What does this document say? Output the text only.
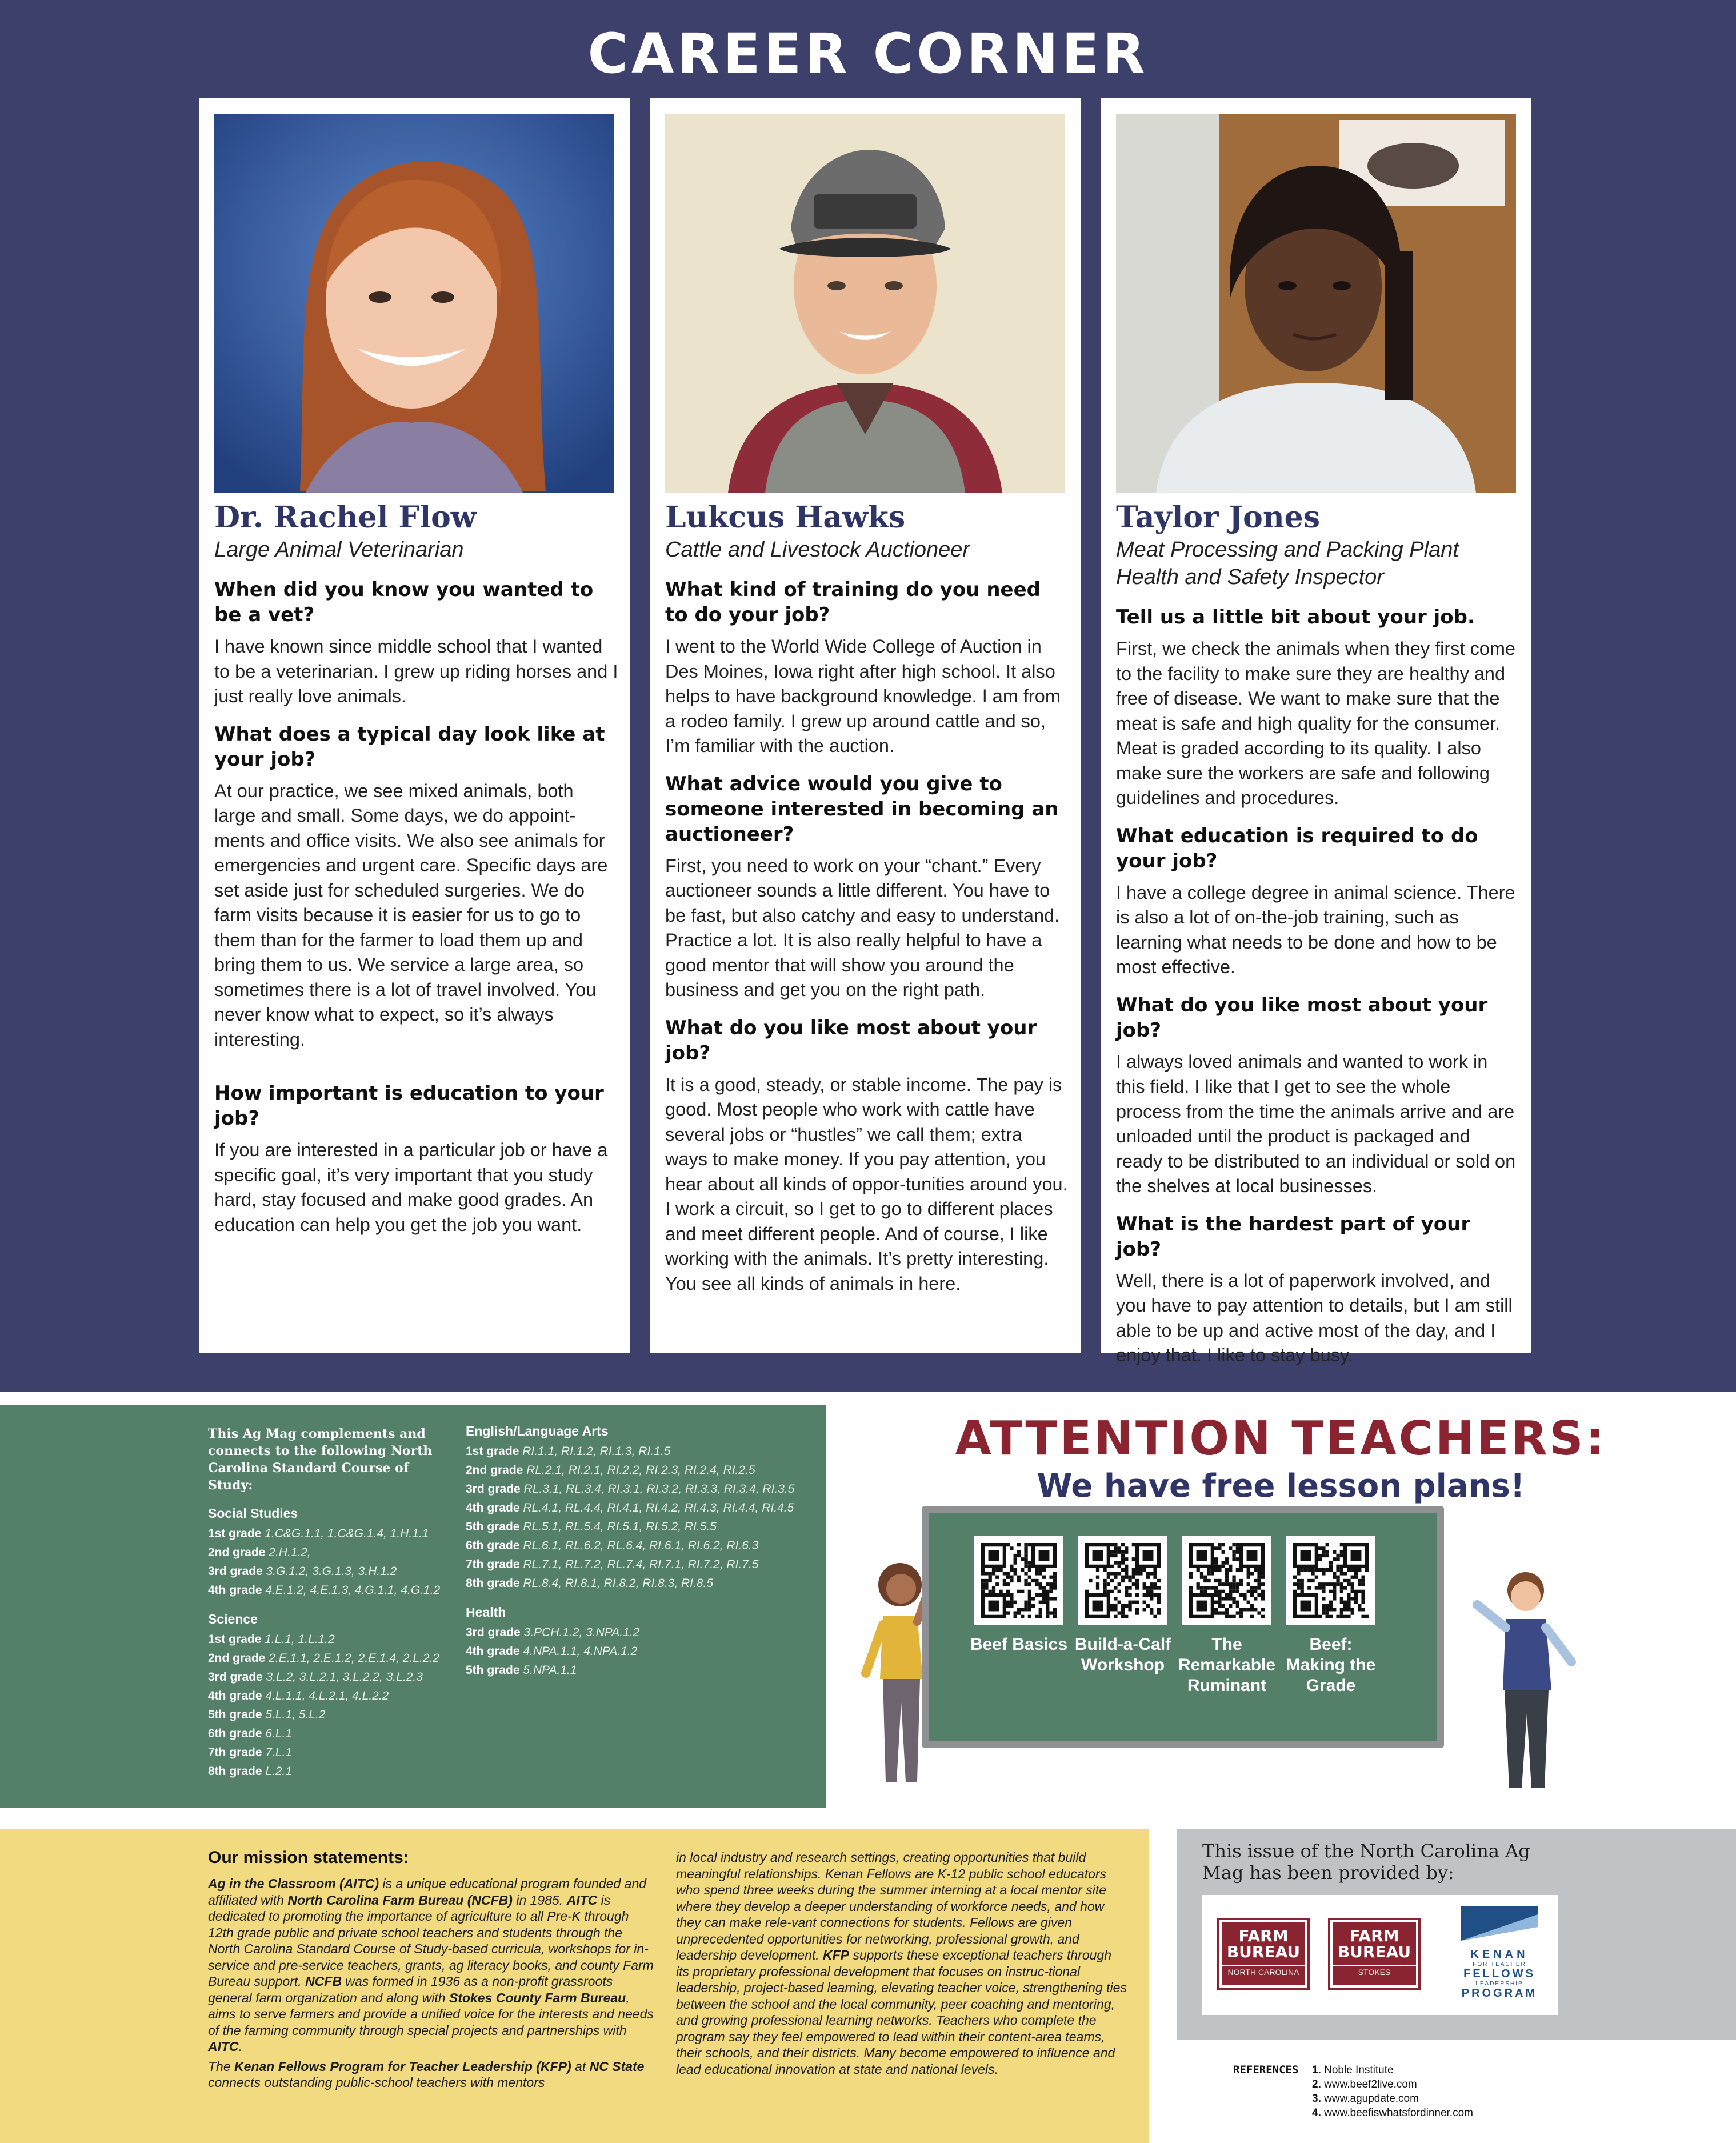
CAREER CORNER
Dr. Rachel Flow
Large Animal Veterinarian
When did you know you wanted to be a vet?
I have known since middle school that I wanted to be a veterinarian. I grew up riding horses and I just really love animals.
What does a typical day look like at your job?
At our practice, we see mixed animals, both large and small. Some days, we do appoint-ments and office visits. We also see animals for emergencies and urgent care. Specific days are set aside just for scheduled surgeries. We do farm visits because it is easier for us to go to them than for the farmer to load them up and bring them to us. We service a large area, so sometimes there is a lot of travel involved. You never know what to expect, so it’s always interesting.
How important is education to your job?
If you are interested in a particular job or have a specific goal, it’s very important that you study hard, stay focused and make good grades. An education can help you get the job you want.
Lukcus Hawks
Cattle and Livestock Auctioneer
What kind of training do you need to do your job?
I went to the World Wide College of Auction in Des Moines, Iowa right after high school. It also helps to have background knowledge. I am from a rodeo family. I grew up around cattle and so, I’m familiar with the auction.
What advice would you give to someone interested in becoming an auctioneer?
First, you need to work on your “chant.” Every auctioneer sounds a little different. You have to be fast, but also catchy and easy to understand. Practice a lot. It is also really helpful to have a good mentor that will show you around the business and get you on the right path.
What do you like most about your job?
It is a good, steady, or stable income. The pay is good. Most people who work with cattle have several jobs or “hustles” we call them; extra ways to make money. If you pay attention, you hear about all kinds of oppor-tunities around you. I work a circuit, so I get to go to different places and meet different people. And of course, I like working with the animals. It’s pretty interesting. You see all kinds of animals in here.
Taylor Jones
Meat Processing and Packing Plant Health and Safety Inspector
Tell us a little bit about your job.
First, we check the animals when they first come to the facility to make sure they are healthy and free of disease. We want to make sure that the meat is safe and high quality for the consumer. Meat is graded according to its quality. I also make sure the workers are safe and following guidelines and procedures.
What education is required to do your job?
I have a college degree in animal science. There is also a lot of on-the-job training, such as learning what needs to be done and how to be most effective.
What do you like most about your job?
I always loved animals and wanted to work in this field. I like that I get to see the whole process from the time the animals arrive and are unloaded until the product is packaged and ready to be distributed to an individual or sold on the shelves at local businesses.
What is the hardest part of your job?
Well, there is a lot of paperwork involved, and you have to pay attention to details, but I am still able to be up and active most of the day, and I enjoy that. I like to stay busy.
This Ag Mag complements and connects to the following North Carolina Standard Course of Study:
Social Studies
1st grade 1.C&G.1.1, 1.C&G.1.4, 1.H.1.1
2nd grade 2.H.1.2,
3rd grade 3.G.1.2, 3.G.1.3, 3.H.1.2
4th grade 4.E.1.2, 4.E.1.3, 4.G.1.1, 4.G.1.2
Science
1st grade 1.L.1, 1.L.1.2
2nd grade 2.E.1.1, 2.E.1.2, 2.E.1.4, 2.L.2.2
3rd grade 3.L.2, 3.L.2.1, 3.L.2.2, 3.L.2.3
4th grade 4.L.1.1, 4.L.2.1, 4.L.2.2
5th grade 5.L.1, 5.L.2
6th grade 6.L.1
7th grade 7.L.1
8th grade L.2.1
English/Language Arts
1st grade RI.1.1, RI.1.2, RI.1.3, RI.1.5
2nd grade RL.2.1, RI.2.1, RI.2.2, RI.2.3, RI.2.4, RI.2.5
3rd grade RL.3.1, RL.3.4, RI.3.1, RI.3.2, RI.3.3, RI.3.4, RI.3.5
4th grade RL.4.1, RL.4.4, RI.4.1, RI.4.2, RI.4.3, RI.4.4, RI.4.5
5th grade RL.5.1, RL.5.4, RI.5.1, RI.5.2, RI.5.5
6th grade RL.6.1, RL.6.2, RL.6.4, RI.6.1, RI.6.2, RI.6.3
7th grade RL.7.1, RL.7.2, RL.7.4, RI.7.1, RI.7.2, RI.7.5
8th grade RL.8.4, RI.8.1, RI.8.2, RI.8.3, RI.8.5
Health
3rd grade 3.PCH.1.2, 3.NPA.1.2
4th grade 4.NPA.1.1, 4.NPA.1.2
5th grade 5.NPA.1.1
ATTENTION TEACHERS:
We have free lesson plans!
Beef Basics Build-a-Calf Workshop
The Remarkable Ruminant
Beef: Making the Grade
Our mission statements:
Ag in the Classroom (AITC) is a unique educational program founded and affiliated with North Carolina Farm Bureau (NCFB) in 1985. AITC is dedicated to promoting the importance of agriculture to all Pre-K through 12th grade public and private school teachers and students through the North Carolina Standard Course of Study-based curricula, workshops for in-service and pre-service teachers, grants, ag literacy books, and county Farm Bureau support. NCFB was formed in 1936 as a non-profit grassroots general farm organization and along with Stokes County Farm Bureau, aims to serve farmers and provide a unified voice for the interests and needs of the farming community through special projects and partnerships with AITC.
The Kenan Fellows Program for Teacher Leadership (KFP) at NC State connects outstanding public-school teachers with mentors
in local industry and research settings, creating opportunities that build meaningful relationships. Kenan Fellows are K-12 public school educators who spend three weeks during the summer interning at a local mentor site where they develop a deeper understanding of workforce needs, and how they can make rele-vant connections for students. Fellows are given unprecedented opportunities for networking, professional growth, and leadership development. KFP supports these exceptional teachers through its proprietary professional development that focuses on instruc-tional leadership, project-based learning, elevating teacher voice, strengthening ties between the school and the local community, peer coaching and mentoring, and growing professional learning networks. Teachers who complete the program say they feel empowered to lead within their content-area teams, their schools, and their districts. Many become empowered to influence and lead educational innovation at state and national levels.
This issue of the North Carolina Ag Mag has been provided by:
FARM
BUREAU
NORTH CAROLINA
FARM
BUREAU
STOKES
KENAN
FOR TEACHER
FELLOWS
LEADERSHIP
PROGRAM
REFERENCES 1. Noble Institute
2. www.beef2live.com
3. www.agupdate.com
4. www.beefiswhatsfordinner.com
